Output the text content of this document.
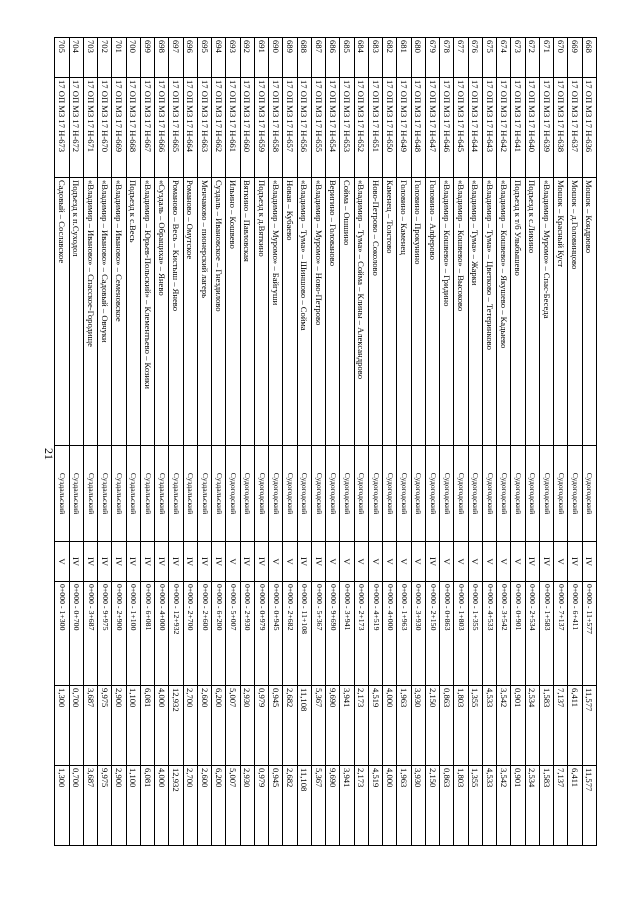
21
668	17 ОП МЗ 17 Н-636	Мошок – Кондрюво	Судогодский	IV	0+000 - 11+577	11,577	11,577
669	17 ОП МЗ 17 Н-637	Мошок – д.Головинцово	Судогодский	IV	0+000 - 6+411	6,411	6,411
670	17 ОП МЗ 17 Н-638	Мошок – Красный Куст	Судогодский	V	0+000 - 7+137	7,137	7,137
671	17 ОП МЗ 17 Н-639	«Владимир – Муромо» – Спас-Беседа	Судогодский	IV	0+000 - 1+583	1,583	1,583
672	17 ОП МЗ 17 Н-640	Подъезд к с.Ликино	Судогодский	IV	0+000 - 2+534	2,534	2,534
673	17 ОП МЗ 17 Н-641	Подъезд к т/б Улыбышево	Судогодский	V	0+000 - 0+901	0,901	0,901
674	17 ОП МЗ 17 Н-642	«Владимир – Кошвево» – Якушево – Кадыево	Судогодский	V	0+000 - 3+542	3,542	3,542
675	17 ОП МЗ 17 Н-643	«Владимир – Тума» – Цветково – Тетеринково	Судогодский	V	0+000 - 4+533	4,533	4,533
676	17 ОП МЗ 17 Н-644	«Владимир – Тума» – Жарки	Судогодский	V	0+000 - 1+355	1,355	1,355
677	17 ОП МЗ 17 Н-645	«Владимир – Кошвево» – Высоково	Судогодский	V	0+000 - 1+803	1,803	1,803
678	17 ОП МЗ 17 Н-646	«Владимир – Кошвево» – Гридино	Судогодский	V	0+000 - 0+863	0,863	0,863
679	17 ОП МЗ 17 Н-647	Головино – Алферово	Судогодский	IV	0+000 - 2+150	2,150	2,150
680	17 ОП МЗ 17 Н-648	Головино – Прокунино	Судогодский	V	0+000 - 3+930	3,930	3,930
681	17 ОП МЗ 17 Н-649	Головино – Каменец	Судогодский	V	0+000 - 1+963	1,963	1,963
682	17 ОП МЗ 17 Н-650	Каменец – Толстово	Судогодский	V	0+000 - 4+000	4,000	4,000
683	17 ОП МЗ 17 Н-651	Ново-Петрово – Соколово	Судогодский	V	0+000 - 4+519	4,519	4,519
684	17 ОП МЗ 17 Н-652	«Владимир – Тума» – Сойма – Клины – Александрово	Судогодский	V	0+000 - 2+173	2,173	2,173
685	17 ОП МЗ 17 Н-653	Сойма – Ошшино	Судогодский	V	0+000 - 3+941	3,941	3,941
686	17 ОП МЗ 17 Н-654	Веригино – Голованово	Судогодский	V	0+000 - 9+690	9,690	9,690
687	17 ОП МЗ 17 Н-655	«Владимир – Муромо» – Ново-Петрово	Судогодский	IV	0+000 - 5+367	5,367	5,367
688	17 ОП МЗ 17 Н-656	«Владимир – Тума» – Шиншово – Сойма	Судогодский	IV	0+000 - 11+108	11,108	11,108
689	17 ОП МЗ 17 Н-657	Новая – Кубаево	Судогодский	V	0+000 - 2+682	2,682	2,682
690	17 ОП МЗ 17 Н-658	«Владимир – Муромо» – Байгуши	Судогодский	V	0+000 - 0+945	0,945	0,945
691	17 ОП МЗ 17 Н-659	Подъезд к д.Вяткино	Судогодский	IV	0+000 - 0+979	0,979	0,979
692	17 ОП МЗ 17 Н-660	Вяткино – Павловская	Судогодский	IV	0+000 - 2+930	2,930	2,930
693	17 ОП МЗ 17 Н-661	Ильино – Кошвево	Судогодский	V	0+000 - 5+007	5,007	5,007
694	17 ОП МЗ 17 Н-662	Суздаль – Ивановское – Гнездилово	Суздальский	IV	0+000 - 6+200	6,200	6,200
695	17 ОП МЗ 17 Н-663	Менчаково – пионерский лагерь	Суздальский	IV	0+000 - 2+600	2,600	2,600
696	17 ОП МЗ 17 Н-664	Романово – Омутское	Суздальский	IV	0+000 - 2+700	2,700	2,700
697	17 ОП МЗ 17 Н-665	Романово – Весь – Кистыш – Янево	Суздальский	IV	0+000 - 12+932	12,932	12,932
698	17 ОП МЗ 17 Н-666	«Суздаль – Обращиха» – Янево	Суздальский	IV	0+000 - 4+000	4,000	4,000
699	17 ОП МЗ 17 Н-667	«Владимир – Юрьев-Польский» – Клементьево – Козики	Суздальский	IV	0+000 - 6+081	6,081	6,081
700	17 ОП МЗ 17 Н-668	Подъезд к с.Весь	Суздальский	IV	0+000 - 1+100	1,100	1,100
701	17 ОП МЗ 17 Н-669	«Владимир – Иваново» – Семеновское	Суздальский	IV	0+000 - 2+900	2,900	2,900
702	17 ОП МЗ 17 Н-670	«Владимир – Иваново» – Садовый – Овчуки	Суздальский	IV	0+000 - 9+975	9,975	9,975
703	17 ОП МЗ 17 Н-671	«Владимир – Иваново» – Спасское-Городище	Суздальский	IV	0+000 - 3+687	3,687	3,687
704	17 ОП МЗ 17 Н-672	Подъезд к п.Суходол	Суздальский	IV	0+000 - 0+700	0,700	0,700
705	17 ОП МЗ 17 Н-673	Садовый – Сославское	Суздальский	V	0+000 - 1+300	1,300	1,300
